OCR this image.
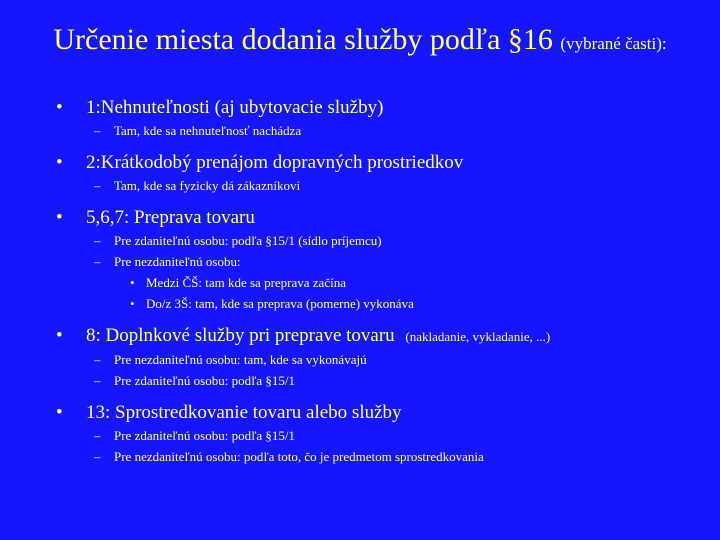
Určenie miesta dodania služby podľa §16 (vybrané časti):
• 1:Nehnuteľnosti (aj ubytovacie služby)
– Tam, kde sa nehnuteľnosť nachádza
• 2:Krátkodobý prenájom dopravných prostriedkov
– Tam, kde sa fyzicky dá zákazníkovi
• 5,6,7: Preprava tovaru
– Pre zdaniteľnú osobu: podľa §15/1 (sídlo príjemcu)
– Pre nezdaniteľnú osobu:
• Medzi ČŠ: tam kde sa preprava začína
• Do/z 3Š: tam, kde sa preprava (pomerne) vykonáva
• 8: Doplnkové služby pri preprave tovaru (nakladanie, vykladanie, ...)
– Pre nezdaniteľnú osobu: tam, kde sa vykonávajú
– Pre zdaniteľnú osobu: podľa §15/1
• 13: Sprostredkovanie tovaru alebo služby
– Pre zdaniteľnú osobu: podľa §15/1
– Pre nezdaniteľnú osobu: podľa toto, čo je predmetom sprostredkovania
